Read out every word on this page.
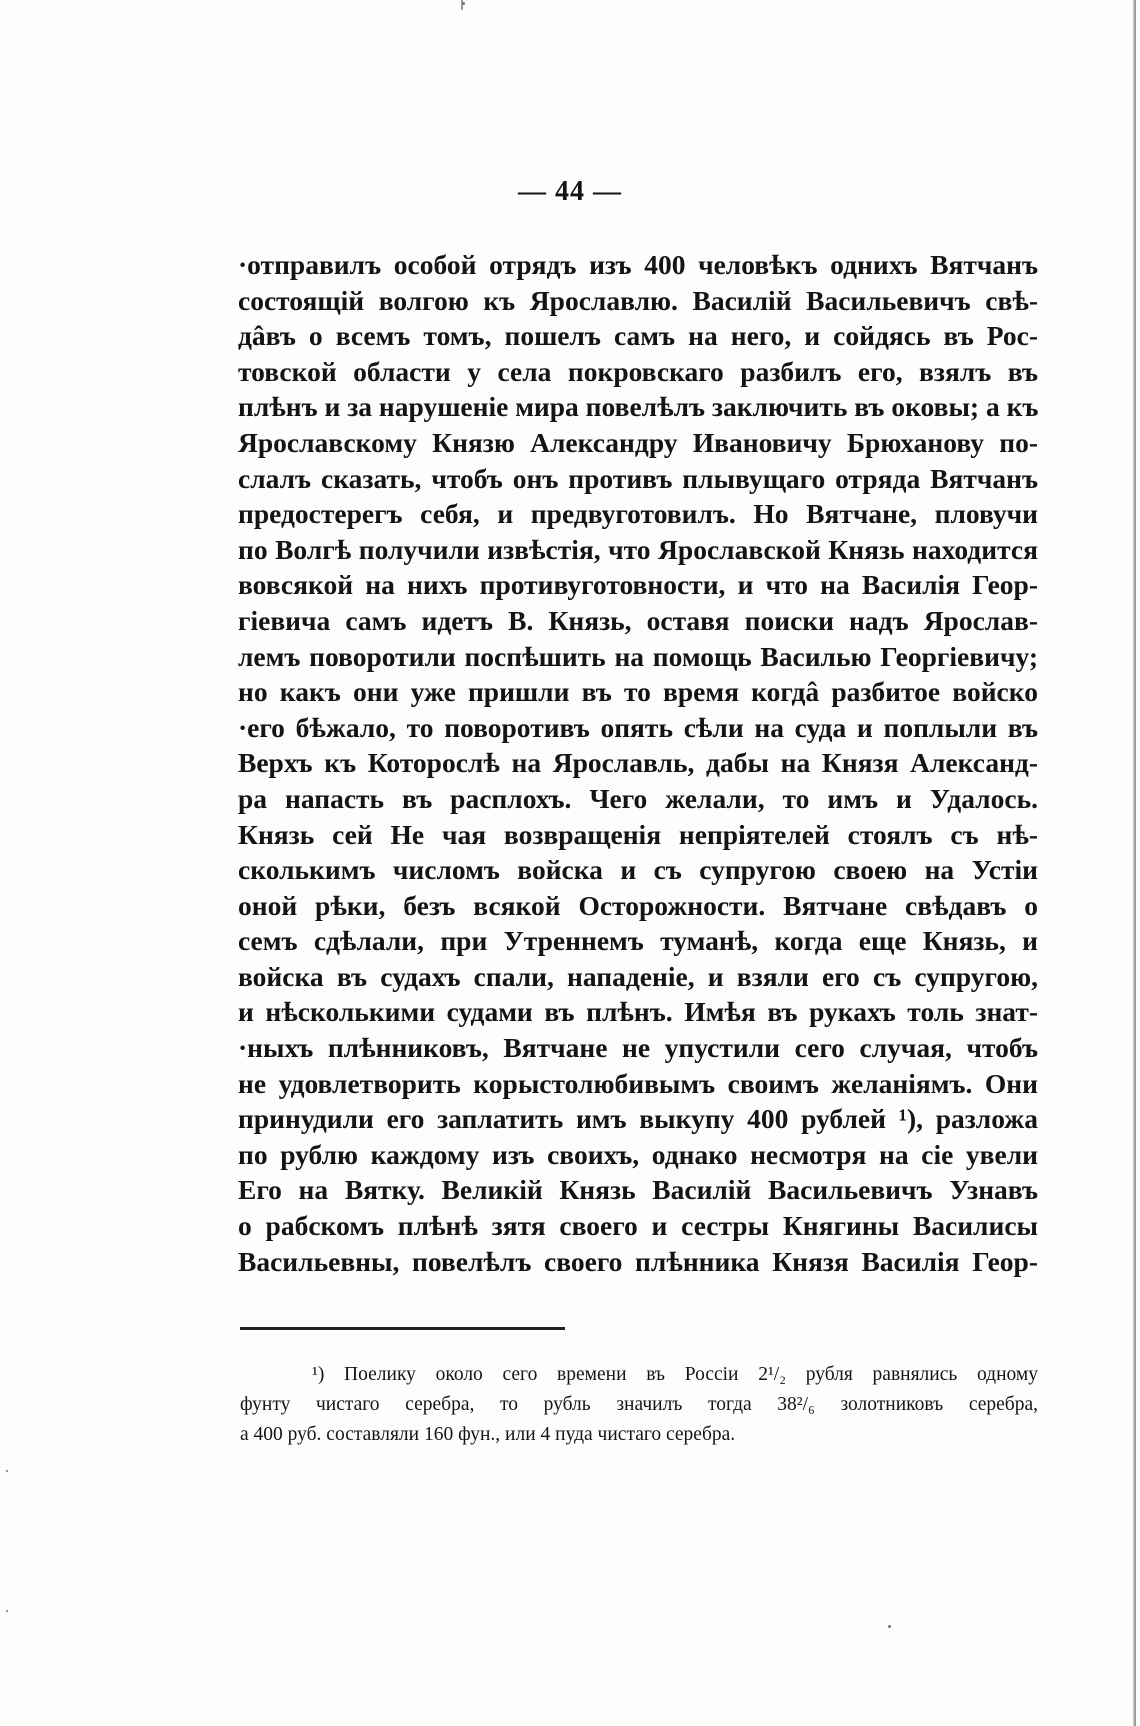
— 44 —
·отправилъ особой отрядъ изъ 400 человѣкъ однихъ Вятчанъ
состоящій волгою къ Ярославлю. Василій Васильевичъ свѣ-
дâвъ о всемъ томъ, пошелъ самъ на него, и сойдясь въ Рос-
товской области у села покровскаго разбилъ его, взялъ въ
плѣнъ и за нарушеніе мира повелѣлъ заключить въ оковы; а къ
Ярославскому Князю Александру Ивановичу Брюханову по-
слалъ сказать, чтобъ онъ противъ плывущаго отряда Вятчанъ
предостерегъ себя, и предвуготовилъ. Но Вятчане, пловучи
по Волгѣ получили извѣстія, что Ярославской Князь находится
вовсякой на нихъ противуготовности, и что на Василія Геор-
гіевича самъ идетъ В. Князь, оставя поиски надъ Ярослав-
лемъ поворотили поспѣшить на помощь Василью Георгіевичу;
но какъ они уже пришли въ то время когдâ разбитое войско
·его бѣжало, то поворотивъ опять сѣли на суда и поплыли въ
Верхъ къ Которослѣ на Ярославль, дабы на Князя Александ-
ра напасть въ расплохъ. Чего желали, то имъ и Удалось.
Князь сей Не чая возвращенія непріятелей стоялъ съ нѣ-
сколькимъ числомъ войска и съ супругою своею на Устіи
оной рѣки, безъ всякой Осторожности. Вятчане свѣдавъ о
семъ сдѣлали, при Утреннемъ туманѣ, когда еще Князь, и
войска въ судахъ спали, нападеніе, и взяли его съ супругою,
и нѣсколькими судами въ плѣнъ. Имѣя въ рукахъ толь знат-
·ныхъ плѣнниковъ, Вятчане не упустили сего случая, чтобъ
не удовлетворить корыстолюбивымъ своимъ желаніямъ. Они
принудили его заплатить имъ выкупу 400 рублей ¹), разложа
по рублю каждому изъ своихъ, однако несмотря на сіе увели
Его на Вятку. Великій Князь Василій Васильевичъ Узнавъ
о рабскомъ плѣнѣ зятя своего и сестры Княгины Василисы
Васильевны, повелѣлъ своего плѣнника Князя Василія Геор-
¹) Поелику около сего времени въ Россіи 2¹/₂ рубля равнялись одному
фунту чистаго серебра, то рубль значилъ тогда 38²/₆ золотниковъ серебра,
а 400 руб. составляли 160 фун., или 4 пуда чистаго серебра.
